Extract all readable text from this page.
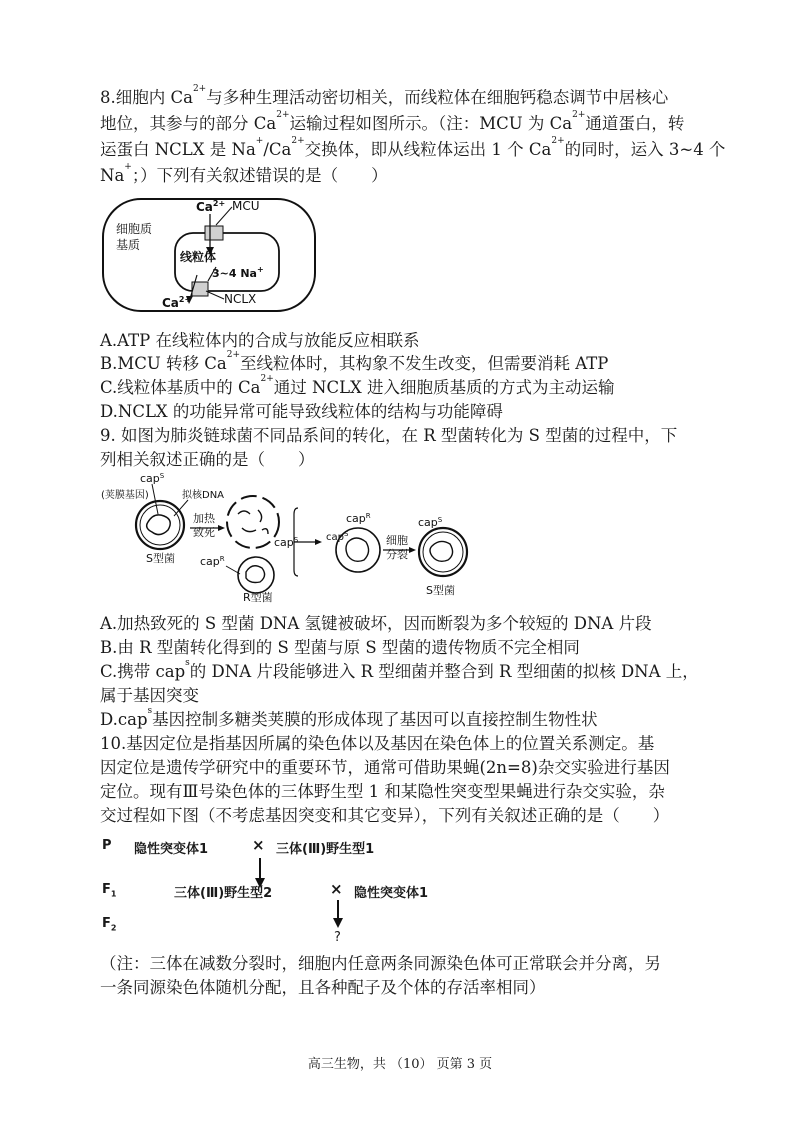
8.细胞内 $Ca^{2+}$与多种生理活动密切相关，而线粒体在细胞钙稳态调节中居核心
地位，其参与的部分 $Ca^{2+}$运输过程如图所示。（注：MCU 为 $Ca^{2+}$通道蛋白，转
运蛋白 NCLX 是 $Na^+/Ca^{2+}$交换体，即从线粒体运出 1 个 $Ca^{2+}$的同时，运入 3~4 个
Na+；）下列有关叙述错误的是（　　）
细胞质
基质
$Ca^{2+}$ MCU
线粒体
3~4 Na+
$Ca^{2+}$	NCLX
A.ATP 在线粒体内的合成与放能反应相联系
B.MCU 转移 $Ca^{2+}$至线粒体时，其构象不发生改变，但需要消耗 ATP
C.线粒体基质中的 $Ca^{2+}$通过 NCLX 进入细胞质基质的方式为主动运输
D.NCLX 的功能异常可能导致线粒体的结构与功能障碍
9. 如图为肺炎链球菌不同品系间的转化，在 R 型菌转化为 S 型菌的过程中，下
列相关叙述正确的是（　　）
cap$^S$
(荚膜基因)	拟核DNA
S型菌
加热
致死
cap$^S$
cap$^R$
R型菌
cap$^S$
cap$^R$
细胞
分裂
cap$^S$
S型菌
A.加热致死的 S 型菌 DNA 氢键被破坏，因而断裂为多个较短的 DNA 片段
B.由 R 型菌转化得到的 S 型菌与原 S 型菌的遗传物质不完全相同
C.携带 cap$^s$的 DNA 片段能够进入 R 型细菌并整合到 R 型细菌的拟核 DNA 上，
属于基因突变
D.cap$^s$基因控制多糖类荚膜的形成体现了基因可以直接控制生物性状
10.基因定位是指基因所属的染色体以及基因在染色体上的位置关系测定。基
因定位是遗传学研究中的重要环节，通常可借助果蝇(2n=8)杂交实验进行基因
定位。现有Ⅲ号染色体的三体野生型 1 和某隐性突变型果蝇进行杂交实验，杂
交过程如下图（不考虑基因突变和其它变异），下列有关叙述正确的是（　　）
P 隐性突变体1	× 三体(Ⅲ)野生型1
$F_1$	三体(Ⅲ)野生型2	× 隐性突变体1
$F_2$
?
（注：三体在减数分裂时，细胞内任意两条同源染色体可正常联会并分离，另
一条同源染色体随机分配，且各种配子及个体的存活率相同）
高三生物，共 （10） 页第 3 页
